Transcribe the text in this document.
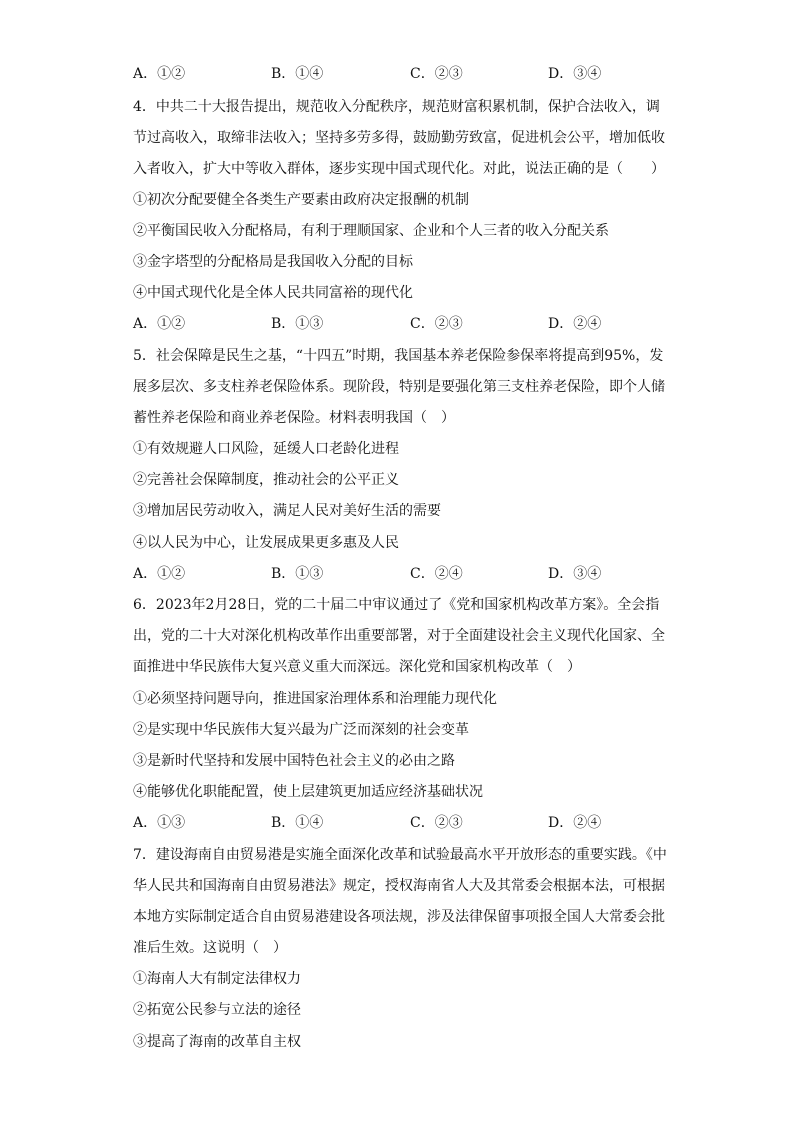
A．①②	B．①④	C．②③	D．③④
4．中共二十大报告提出，规范收入分配秩序，规范财富积累机制，保护合法收入，调
节过高收入，取缔非法收入；坚持多劳多得，鼓励勤劳致富，促进机会公平，增加低收
入者收入，扩大中等收入群体，逐步实现中国式现代化。对此，说法正确的是（　　）
①初次分配要健全各类生产要素由政府决定报酬的机制
②平衡国民收入分配格局，有利于理顺国家、企业和个人三者的收入分配关系
③金字塔型的分配格局是我国收入分配的目标
④中国式现代化是全体人民共同富裕的现代化
A．①②	B．①③	C．②③	D．②④
5．社会保障是民生之基，“十四五”时期，我国基本养老保险参保率将提高到95%，发
展多层次、多支柱养老保险体系。现阶段，特别是要强化第三支柱养老保险，即个人储
蓄性养老保险和商业养老保险。材料表明我国（　）
①有效规避人口风险，延缓人口老龄化进程
②完善社会保障制度，推动社会的公平正义
③增加居民劳动收入，满足人民对美好生活的需要
④以人民为中心，让发展成果更多惠及人民
A．①②	B．①③	C．②④	D．③④
6．2023年2月28日，党的二十届二中审议通过了《党和国家机构改革方案》。全会指
出，党的二十大对深化机构改革作出重要部署，对于全面建设社会主义现代化国家、全
面推进中华民族伟大复兴意义重大而深远。深化党和国家机构改革（　）
①必须坚持问题导向，推进国家治理体系和治理能力现代化
②是实现中华民族伟大复兴最为广泛而深刻的社会变革
③是新时代坚持和发展中国特色社会主义的必由之路
④能够优化职能配置，使上层建筑更加适应经济基础状况
A．①③	B．①④	C．②③	D．②④
7．建设海南自由贸易港是实施全面深化改革和试验最高水平开放形态的重要实践。《中
华人民共和国海南自由贸易港法》规定，授权海南省人大及其常委会根据本法，可根据
本地方实际制定适合自由贸易港建设各项法规，涉及法律保留事项报全国人大常委会批
准后生效。这说明（　）
①海南人大有制定法律权力
②拓宽公民参与立法的途径
③提高了海南的改革自主权
